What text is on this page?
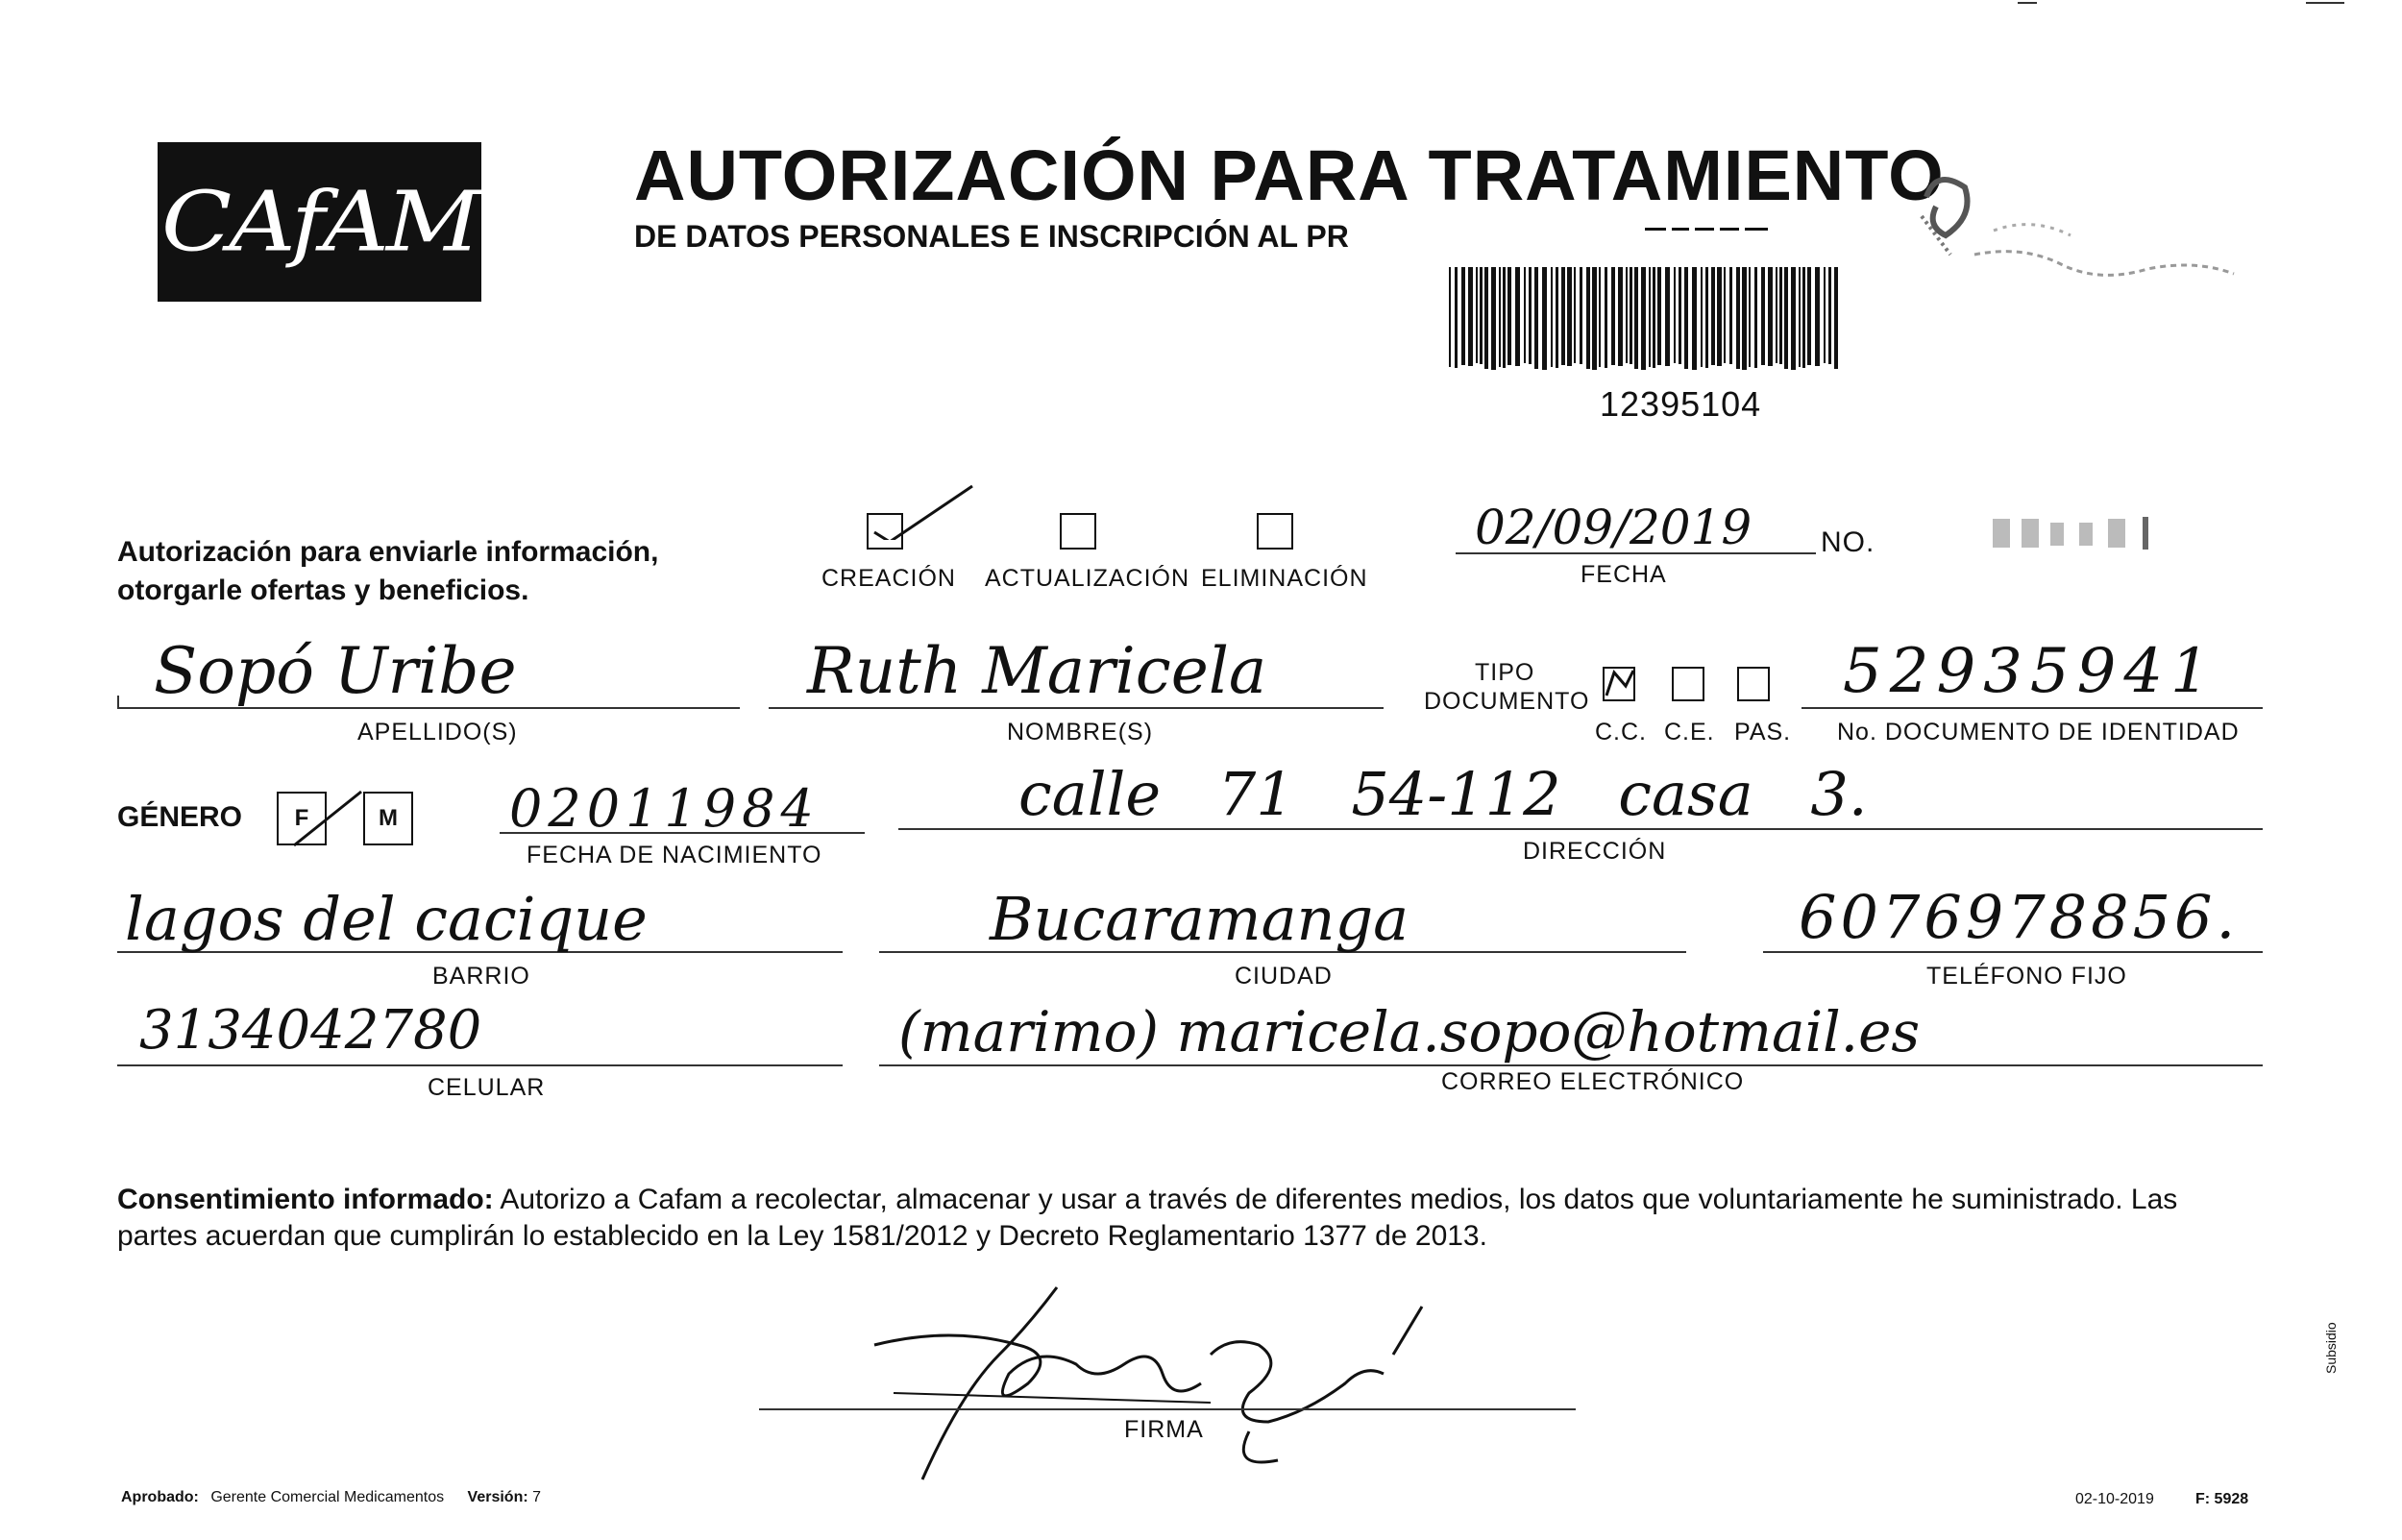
CAfAM AUTORIZACIÓN PARA TRATAMIENTO
DE DATOS PERSONALES E INSCRIPCIÓN AL PR
12395104
Autorización para enviarle información,
otorgarle ofertas y beneficios.	CREACIÓN ACTUALIZACIÓN ELIMINACIÓN
02/09/2019
FECHA
NO.
Sopó Uribe
APELLIDO(S)
Ruth Maricela
NOMBRE(S)
TIPO
DOCUMENTO
C.C. C.E. PAS.
52935941
No. DOCUMENTO DE IDENTIDAD
GÉNERO F	M 02011984
FECHA DE NACIMIENTO
calle 71 54-112 casa 3.
DIRECCIÓN
lagos del cacique
BARRIO
Bucaramanga
CIUDAD
6076978856.
TELÉFONO FIJO
3134042780
CELULAR
(marimo) maricela.sopo@hotmail.es
CORREO ELECTRÓNICO
Consentimiento informado: Autorizo a Cafam a recolectar, almacenar y usar a través de diferentes medios, los datos que voluntariamente he suministrado. Las partes acuerdan que cumplirán lo establecido en la Ley 1581/2012 y Decreto Reglamentario 1377 de 2013.
FIRMA
Aprobado: Gerente Comercial Medicamentos Versión: 7	02-10-2019	F: 5928
Subsidio
